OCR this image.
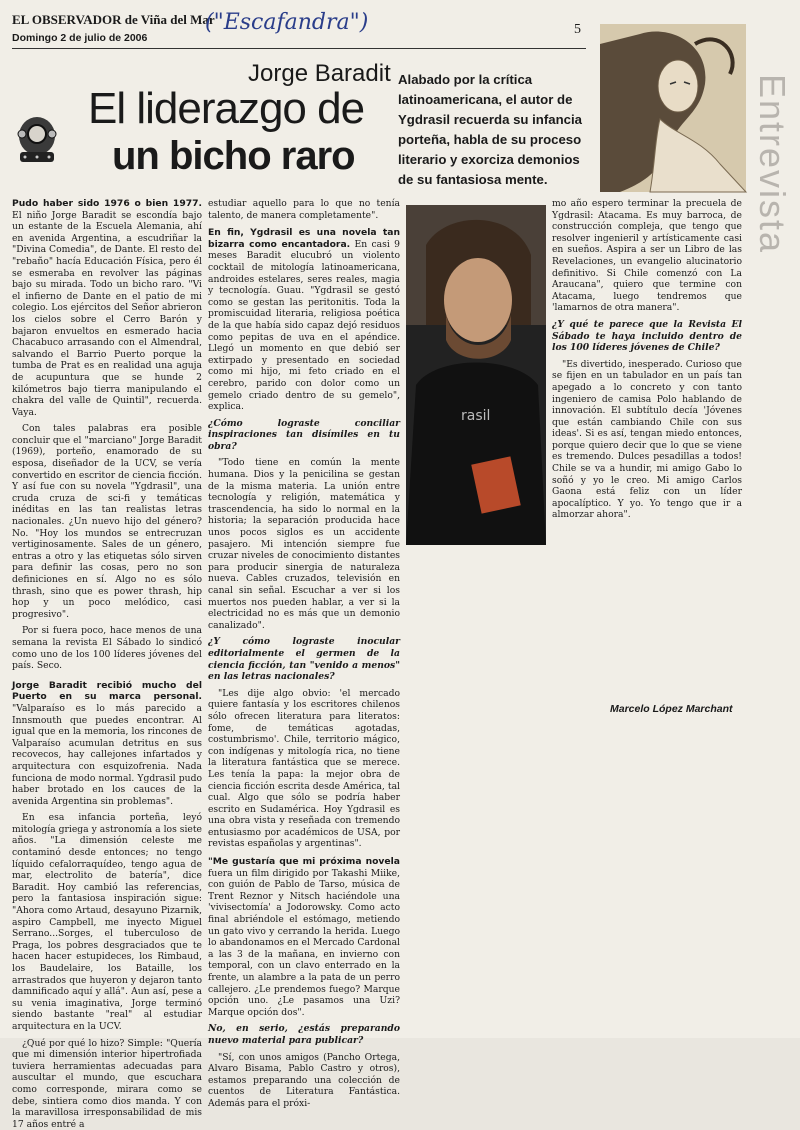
EL OBSERVADOR de Viña del Mar
Domingo 2 de julio de 2006
("Escafandra")	5
Entrevista
Jorge Baradit
El liderazgo de
un bicho raro
Alabado por la crítica latinoamericana, el autor de Ygdrasil recuerda su infancia porteña, habla de su proceso literario y exorciza demonios de su fantasiosa mente.
rasil

Pudo haber sido 1976 o bien 1977. El niño Jorge Baradit se escondía bajo un estante de la Escuela Alemania, ahí en avenida Argentina, a escudriñar la "Divina Comedia", de Dante. El resto del "rebaño" hacía Educación Física, pero él se esmeraba en revolver las páginas bajo su mirada. Todo un bicho raro. "Vi el infierno de Dante en el patio de mi colegio. Los ejércitos del Señor abrieron los cielos sobre el Cerro Barón y bajaron envueltos en esmerado hacia Chacabuco arrasando con el Almendral, salvando el Barrio Puerto porque la tumba de Prat es en realidad una aguja de acupuntura que se hunde 2 kilómetros bajo tierra manipulando el chakra del valle de Quintil", recuerda. Vaya.

Con tales palabras era posible concluir que el "marciano" Jorge Baradit (1969), porteño, enamorado de su esposa, diseñador de la UCV, se vería convertido en escritor de ciencia ficción. Y así fue con su novela "Ygdrasil", una cruda cruza de sci-fi y temáticas inéditas en las tan realistas letras nacionales. ¿Un nuevo hijo del género? No. "Hoy los mundos se entrecruzan vertiginosamente. Sales de un género, entras a otro y las etiquetas sólo sirven para definir las cosas, pero no son definiciones en sí. Algo no es sólo thrash, sino que es power thrash, hip hop y un poco melódico, casi progresivo".

Por si fuera poco, hace menos de una semana la revista El Sábado lo sindicó como uno de los 100 líderes jóvenes del país. Seco.

Jorge Baradit recibió mucho del Puerto en su marca personal. "Valparaíso es lo más parecido a Innsmouth que puedes encontrar. Al igual que en la memoria, los rincones de Valparaíso acumulan detritus en sus recovecos, hay callejones infartados y arquitectura con esquizofrenia. Nada funciona de modo normal. Ygdrasil pudo haber brotado en los cauces de la avenida Argentina sin problemas".

En esa infancia porteña, leyó mitología griega y astronomía a los siete años. "La dimensión celeste me contaminó desde entonces; no tengo líquido cefalorraquídeo, tengo agua de mar, electrolito de batería", dice Baradit. Hoy cambió las referencias, pero la fantasiosa inspiración sigue: "Ahora como Artaud, desayuno Pizarnik, aspiro Campbell, me inyecto Miguel Serrano...Sorges, el tuberculoso de Praga, los pobres desgraciados que te hacen hacer estupideces, los Rimbaud, los Baudelaire, los Bataille, los arrastrados que huyeron y dejaron tanto damnificado aquí y allá". Aun así, pese a su venia imaginativa, Jorge terminó siendo bastante "real" al estudiar arquitectura en la UCV.

¿Qué por qué lo hizo? Simple: "Quería que mi dimensión interior hipertrofiada tuviera herramientas adecuadas para auscultar el mundo, que escuchara como corresponde, mirara como se debe, sintiera como dios manda. Y con la maravillosa irresponsabilidad de mis 17 años entré a

estudiar aquello para lo que no tenía talento, de manera completamente".

En fin, Ygdrasil es una novela tan bizarra como encantadora. En casi 9 meses Baradit elucubró un violento cocktail de mitología latinoamericana, androides estelares, seres reales, magia y tecnología. Guau. "Ygdrasil se gestó como se gestan las peritonitis. Toda la promiscuidad literaria, religiosa poética de la que había sido capaz dejó residuos como pepitas de uva en el apéndice. Llegó un momento en que debió ser extirpado y presentado en sociedad como mi hijo, mi feto criado en el cerebro, parido con dolor como un gemelo criado dentro de su gemelo", explica.

¿Cómo lograste conciliar inspiraciones tan disímiles en tu obra?

"Todo tiene en común la mente humana. Dios y la penicilina se gestan de la misma materia. La unión entre tecnología y religión, matemática y trascendencia, ha sido lo normal en la historia; la separación producida hace unos pocos siglos es un accidente pasajero. Mi intención siempre fue cruzar niveles de conocimiento distantes para producir sinergia de naturaleza nueva. Cables cruzados, televisión en canal sin señal. Escuchar a ver si los muertos nos pueden hablar, a ver si la electricidad no es más que un demonio canalizado".

¿Y cómo lograste inocular editorialmente el germen de la ciencia ficción, tan "venido a menos" en las letras nacionales?

"Les dije algo obvio: 'el mercado quiere fantasía y los escritores chilenos sólo ofrecen literatura para literatos: fome, de temáticas agotadas, costumbrismo'. Chile, territorio mágico, con indígenas y mitología rica, no tiene la literatura fantástica que se merece. Les tenía la papa: la mejor obra de ciencia ficción escrita desde América, tal cual. Algo que sólo se podría haber escrito en Sudamérica. Hoy Ygdrasil es una obra vista y reseñada con tremendo entusiasmo por académicos de USA, por revistas españolas y argentinas".

"Me gustaría que mi próxima novela fuera un film dirigido por Takashi Miike, con guión de Pablo de Tarso, música de Trent Reznor y Nitsch haciéndole una 'vivisectomía' a Jodorowsky. Como acto final abriéndole el estómago, metiendo un gato vivo y cerrando la herida. Luego lo abandonamos en el Mercado Cardonal a las 3 de la mañana, en invierno con temporal, con un clavo enterrado en la frente, un alambre a la pata de un perro callejero. ¿Le prendemos fuego? Marque opción uno. ¿Le pasamos una Uzi? Marque opción dos".

No, en serio, ¿estás preparando nuevo material para publicar?

"Sí, con unos amigos (Pancho Ortega, Alvaro Bisama, Pablo Castro y otros), estamos preparando una colección de cuentos de Literatura Fantástica. Además para el próxi-

mo año espero terminar la precuela de Ygdrasil: Atacama. Es muy barroca, de construcción compleja, que tengo que resolver ingenieril y artísticamente casi en sueños. Aspira a ser un Libro de las Revelaciones, un evangelio alucinatorio definitivo. Si Chile comenzó con La Araucana", quiero que termine con Atacama, luego tendremos que 'lamarnos de otra manera".

¿Y qué te parece que la Revista El Sábado te haya incluido dentro de los 100 líderes jóvenes de Chile?

"Es divertido, inesperado. Curioso que se fijen en un tabulador en un país tan apegado a lo concreto y con tanto ingeniero de camisa Polo hablando de innovación. El subtítulo decía 'Jóvenes que están cambiando Chile con sus ideas'. Si es así, tengan miedo entonces, porque quiero decir que lo que se viene es tremendo. Dulces pesadillas a todos! Chile se va a hundir, mi amigo Gabo lo soñó y yo le creo. Mi amigo Carlos Gaona está feliz con un líder apocalíptico. Y yo. Yo tengo que ir a almorzar ahora".

Marcelo López Marchant
